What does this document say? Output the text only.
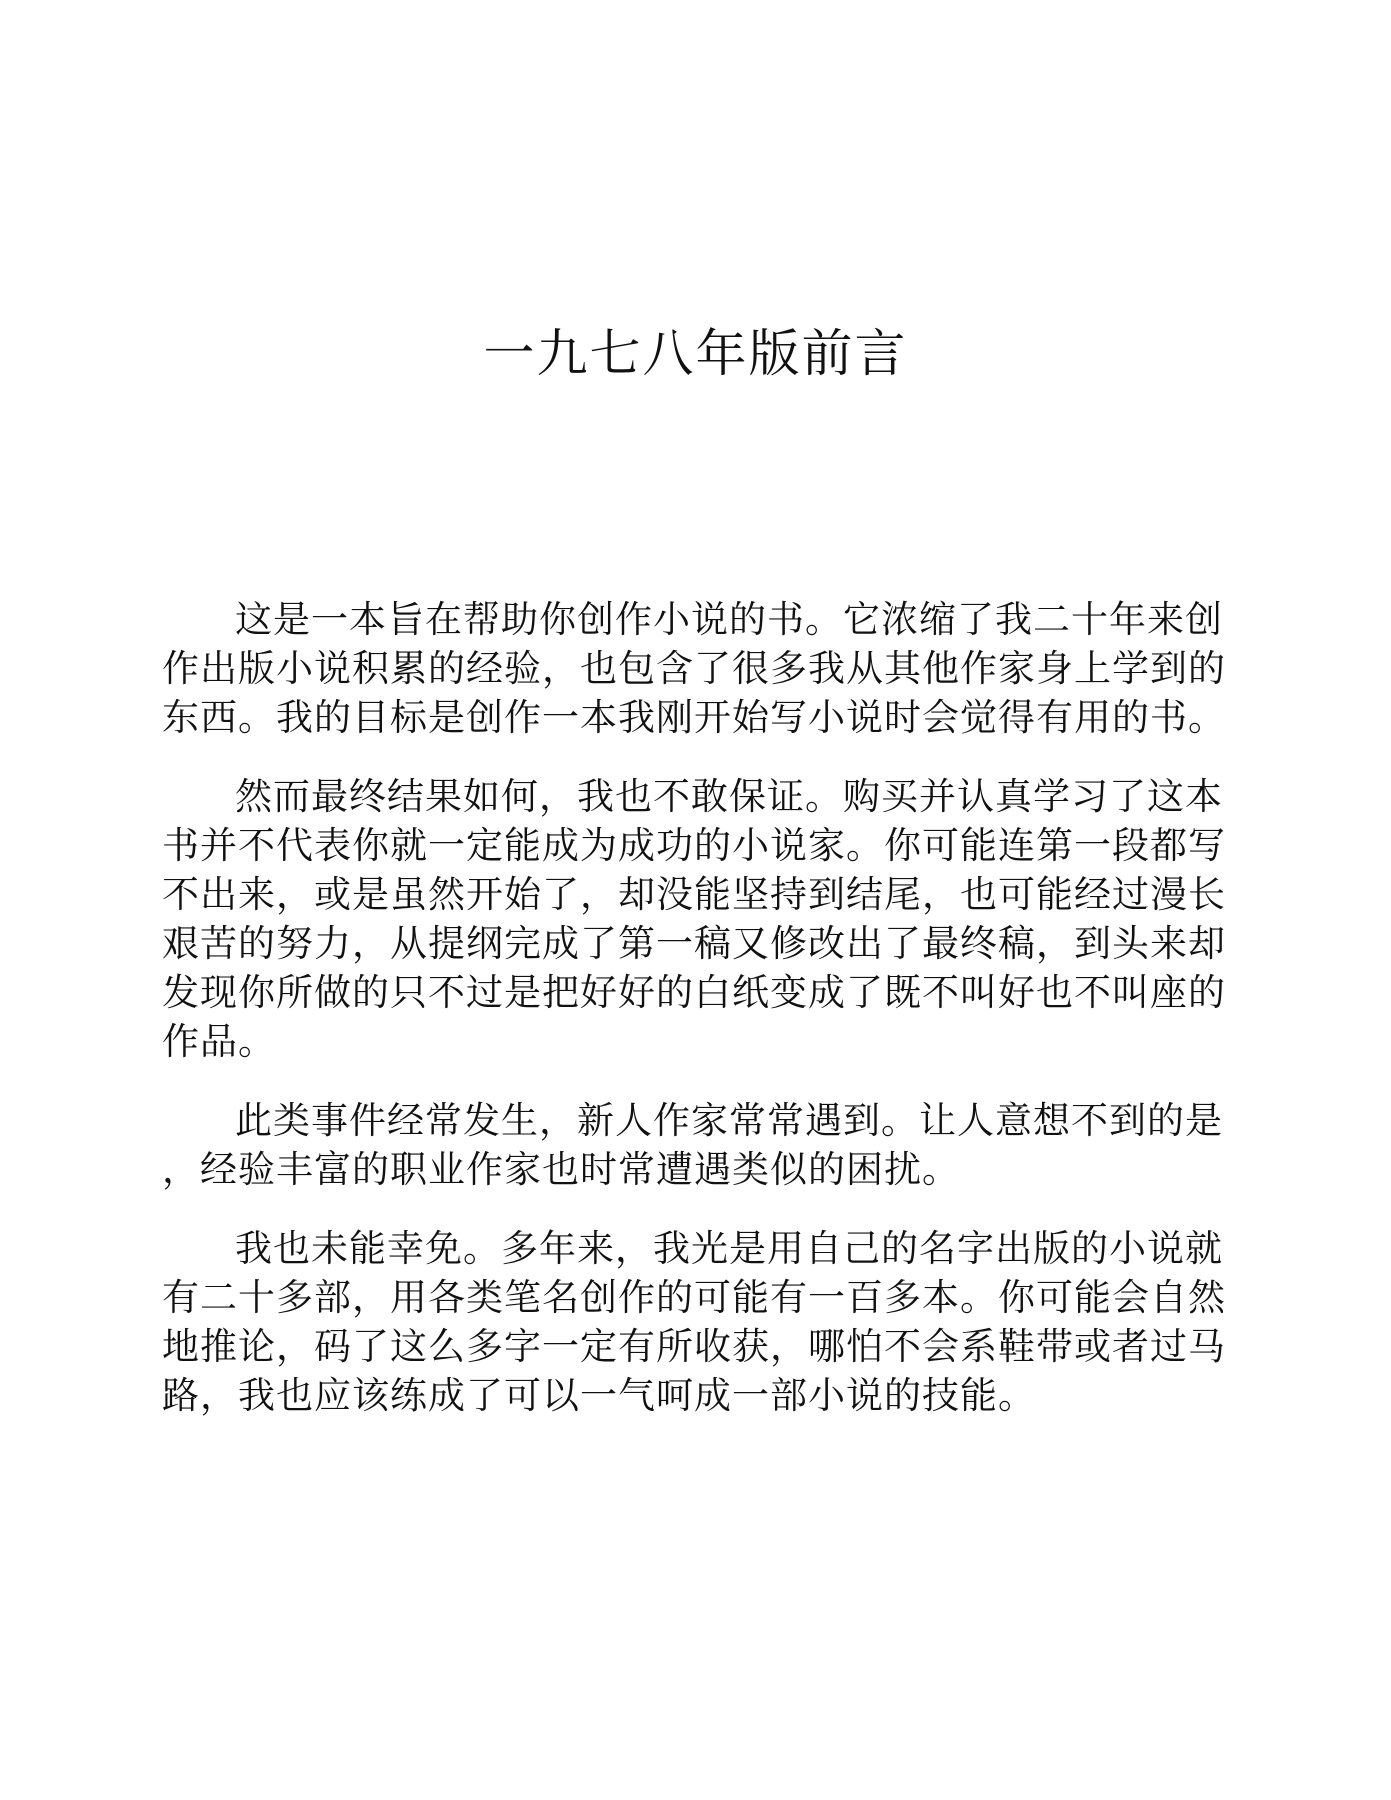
一九七八年版前言
这是一本旨在帮助你创作小说的书。它浓缩了我二十年来创
作出版小说积累的经验，也包含了很多我从其他作家身上学到的
东西。我的目标是创作一本我刚开始写小说时会觉得有用的书。
然而最终结果如何，我也不敢保证。购买并认真学习了这本
书并不代表你就一定能成为成功的小说家。你可能连第一段都写
不出来，或是虽然开始了，却没能坚持到结尾，也可能经过漫长
艰苦的努力，从提纲完成了第一稿又修改出了最终稿，到头来却
发现你所做的只不过是把好好的白纸变成了既不叫好也不叫座的
作品。
此类事件经常发生，新人作家常常遇到。让人意想不到的是
，经验丰富的职业作家也时常遭遇类似的困扰。
我也未能幸免。多年来，我光是用自己的名字出版的小说就
有二十多部，用各类笔名创作的可能有一百多本。你可能会自然
地推论，码了这么多字一定有所收获，哪怕不会系鞋带或者过马
路，我也应该练成了可以一气呵成一部小说的技能。
